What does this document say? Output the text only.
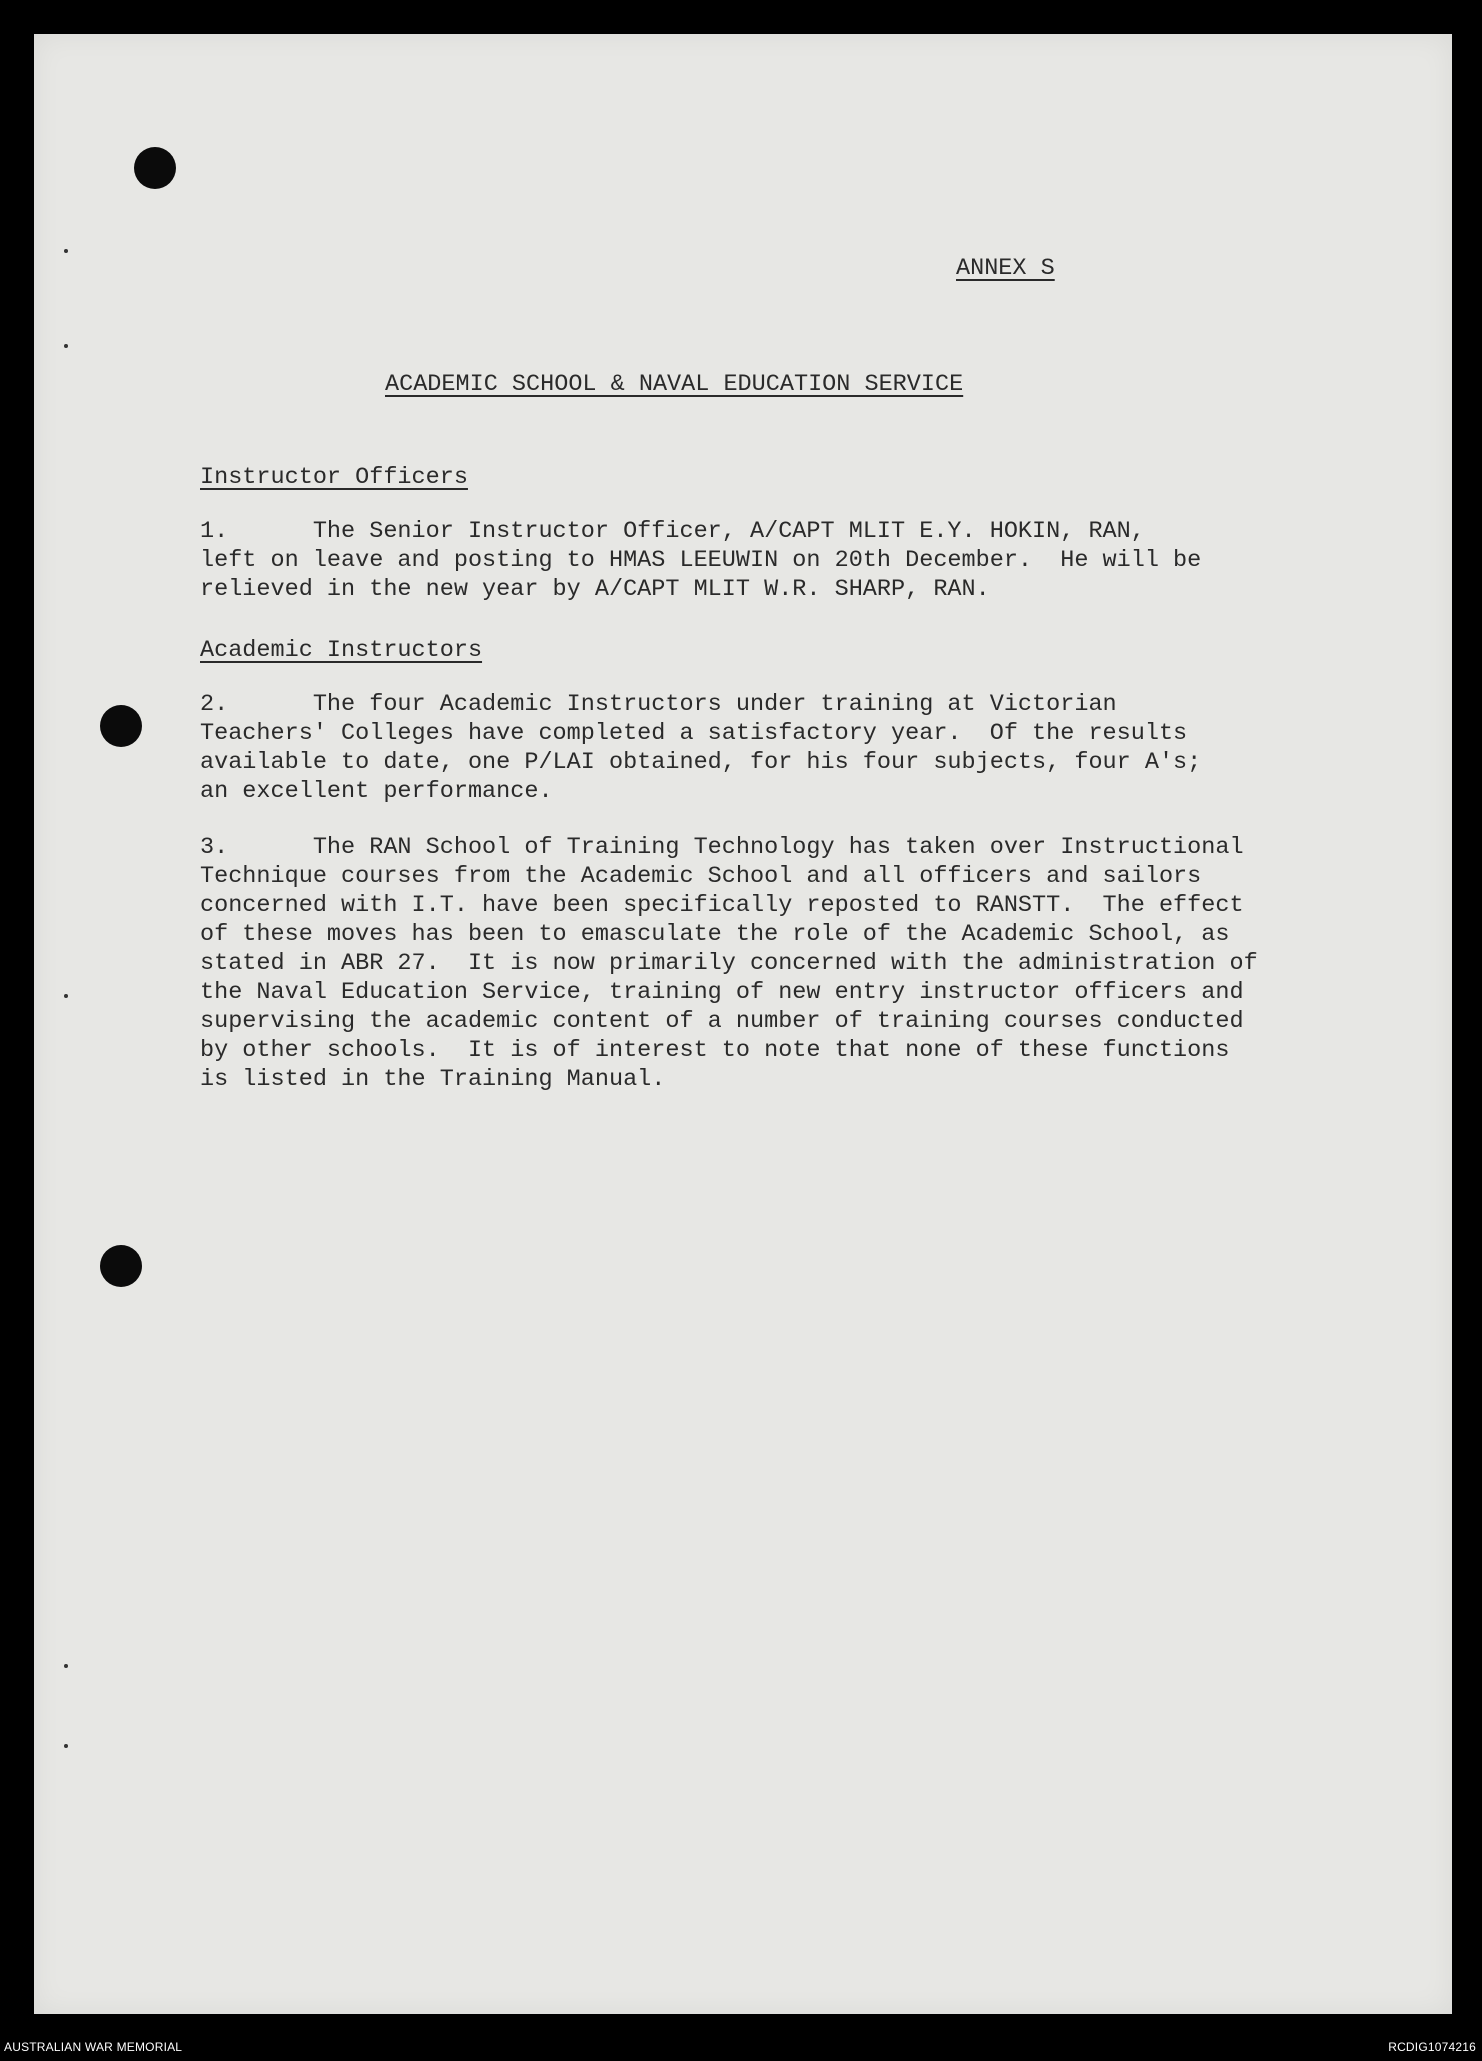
ANNEX S
ACADEMIC SCHOOL & NAVAL EDUCATION SERVICE
Instructor Officers
1.      The Senior Instructor Officer, A/CAPT MLIT E.Y. HOKIN, RAN,
left on leave and posting to HMAS LEEUWIN on 20th December.  He will be
relieved in the new year by A/CAPT MLIT W.R. SHARP, RAN.
Academic Instructors
2.      The four Academic Instructors under training at Victorian
Teachers' Colleges have completed a satisfactory year.  Of the results
available to date, one P/LAI obtained, for his four subjects, four A's;
an excellent performance.
3.      The RAN School of Training Technology has taken over Instructional
Technique courses from the Academic School and all officers and sailors
concerned with I.T. have been specifically reposted to RANSTT.  The effect
of these moves has been to emasculate the role of the Academic School, as
stated in ABR 27.  It is now primarily concerned with the administration of
the Naval Education Service, training of new entry instructor officers and
supervising the academic content of a number of training courses conducted
by other schools.  It is of interest to note that none of these functions
is listed in the Training Manual.
AUSTRALIAN WAR MEMORIAL	RCDIG1074216
